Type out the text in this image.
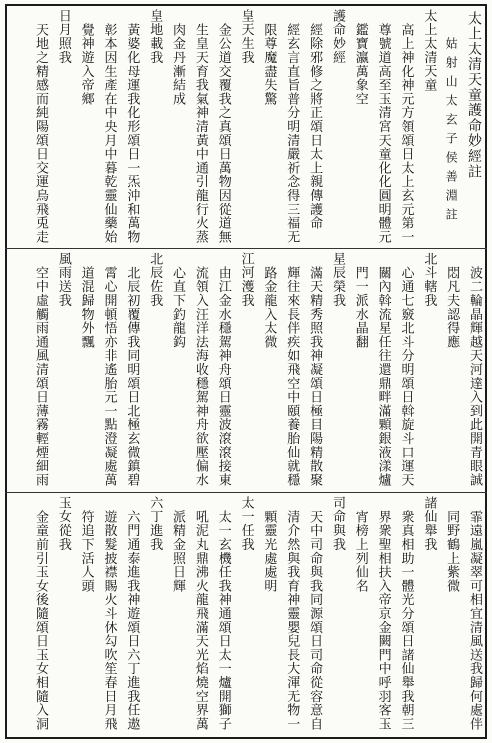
太上太清天童護命妙經註
姑射山太玄子侯善淵註
太上太清天童
高上神化神元方領頌日太上玄元第一
尊號道高至玉清宮天童化化圓明體元
鑑寶瀛萬象空
護命妙經
經除邪修之將正頌日太上親傳護命
經玄言直旨普分明清嚴祈念得三福无
限尊魔盡失驚
皇天生我
金公道交覆我之真頌日萬物因從道無
生皇天育我氣神清黃中通引龍行火蒸
肉金丹漸結成
皇地載我
黃婆化母運我化形頌日一炁沖和萬物
彰本因生產在中央月中暮乾靈仙藥始
覺神遊入帝鄉
日月照我
天地之精感而純陽頌日交運烏飛兎走
波二輪晶輝越天河達入到此開青眼誠
悶凡夫認得應
北斗轄我
心通七竅北斗分明頌日斡旋斗口運天
關內斡流星任往還鼎畔滿顆銀液漾爐
門一派水晶翻
星辰榮我
滿天精秀照我神凝頌日極目陽精散聚
輝往來長伴疾如飛空中頤養胎仙就穩
路金龍入太微
江河濩我
由江金水穩駕神舟頌日靈波滾滾接東
流領入汪洋法海收穩駕神舟欲壓偏水
心直下釣龍鈎
北辰佐我
北辰初覆傳我同明頌日北極玄微鎮碧
霄心開頓悟亦非遙胎元一點澄凝處萬
道混歸物外飄
風雨送我
空中虛觸雨通風清頌日薄霧輕煙細雨
霏遠嵐凝翠可相宜清風送我歸何處伴
同野鶴上紫微
諸仙舉我
衆真相助一體光分頌日諸仙舉我朝三
界衆聖相扶入帝京金闕門中呼羽客玉
宵榜上列仙名
司命與我
天中司命與我同源頌日司命從容意自
清介然與我育神靈嬰兒長大渾无物一
顆靈光處處明
太一任我
太一玄機任我神通頌日太一爐開獅子
吼泥丸鼎沸火龍飛滿天光焰燒空界萬
派精金照日輝
六丁進我
六門通泰進我神遊頌日六丁進我任遨
遊散髮披襟賜火斗休勾吹笙春日月飛
符追下活人頭
玉女從我
金童前引玉女後隨頌日玉女相隨入洞
